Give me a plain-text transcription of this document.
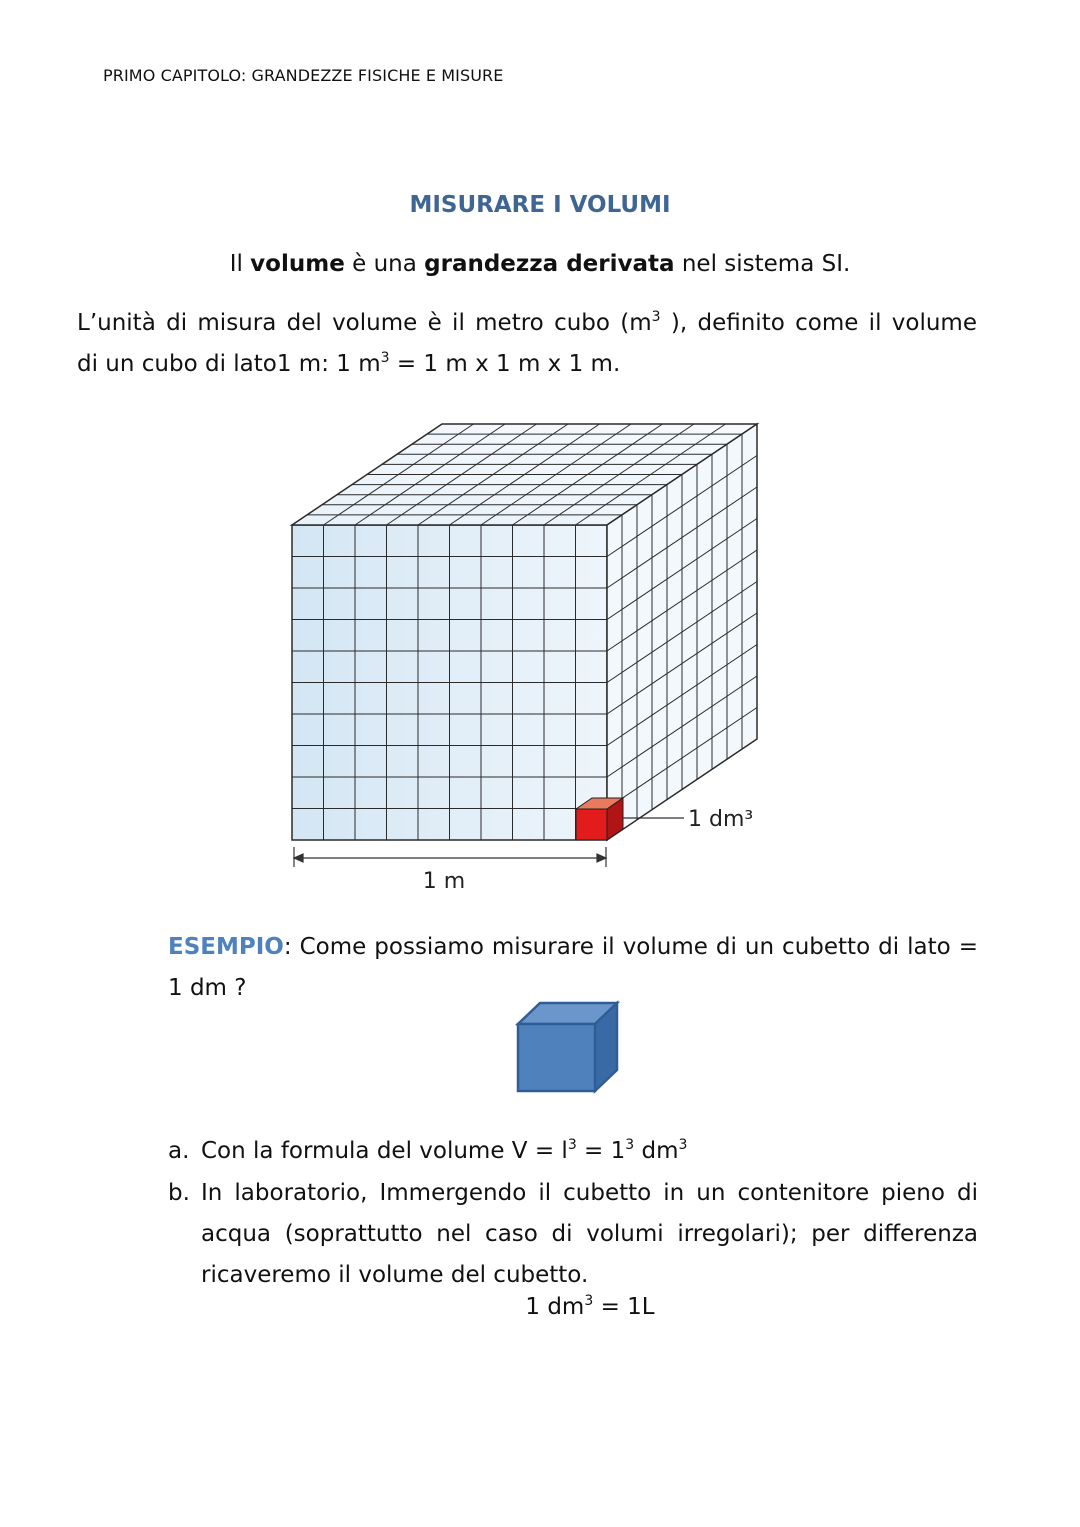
PRIMO CAPITOLO: GRANDEZZE FISICHE E MISURE
MISURARE I VOLUMI
Il volume è una grandezza derivata nel sistema SI.
L’unità di misura del volume è il metro cubo ($m^3$ ), definito come il volume
di un cubo di lato1 m: 1 $m^3 = 1$ m x 1 m x 1 m.
1 dm³
1 m
ESEMPIO: Come possiamo misurare il volume di un cubetto di lato =
1 dm ?
a. Con la formula del volume $V = l^3 = 1^3$ $dm^3$
b. In laboratorio, Immergendo il cubetto in un contenitore pieno di acqua (soprattutto nel caso di volumi irregolari); per differenza ricaveremo il volume del cubetto.
1 $dm^3 = 1L$
